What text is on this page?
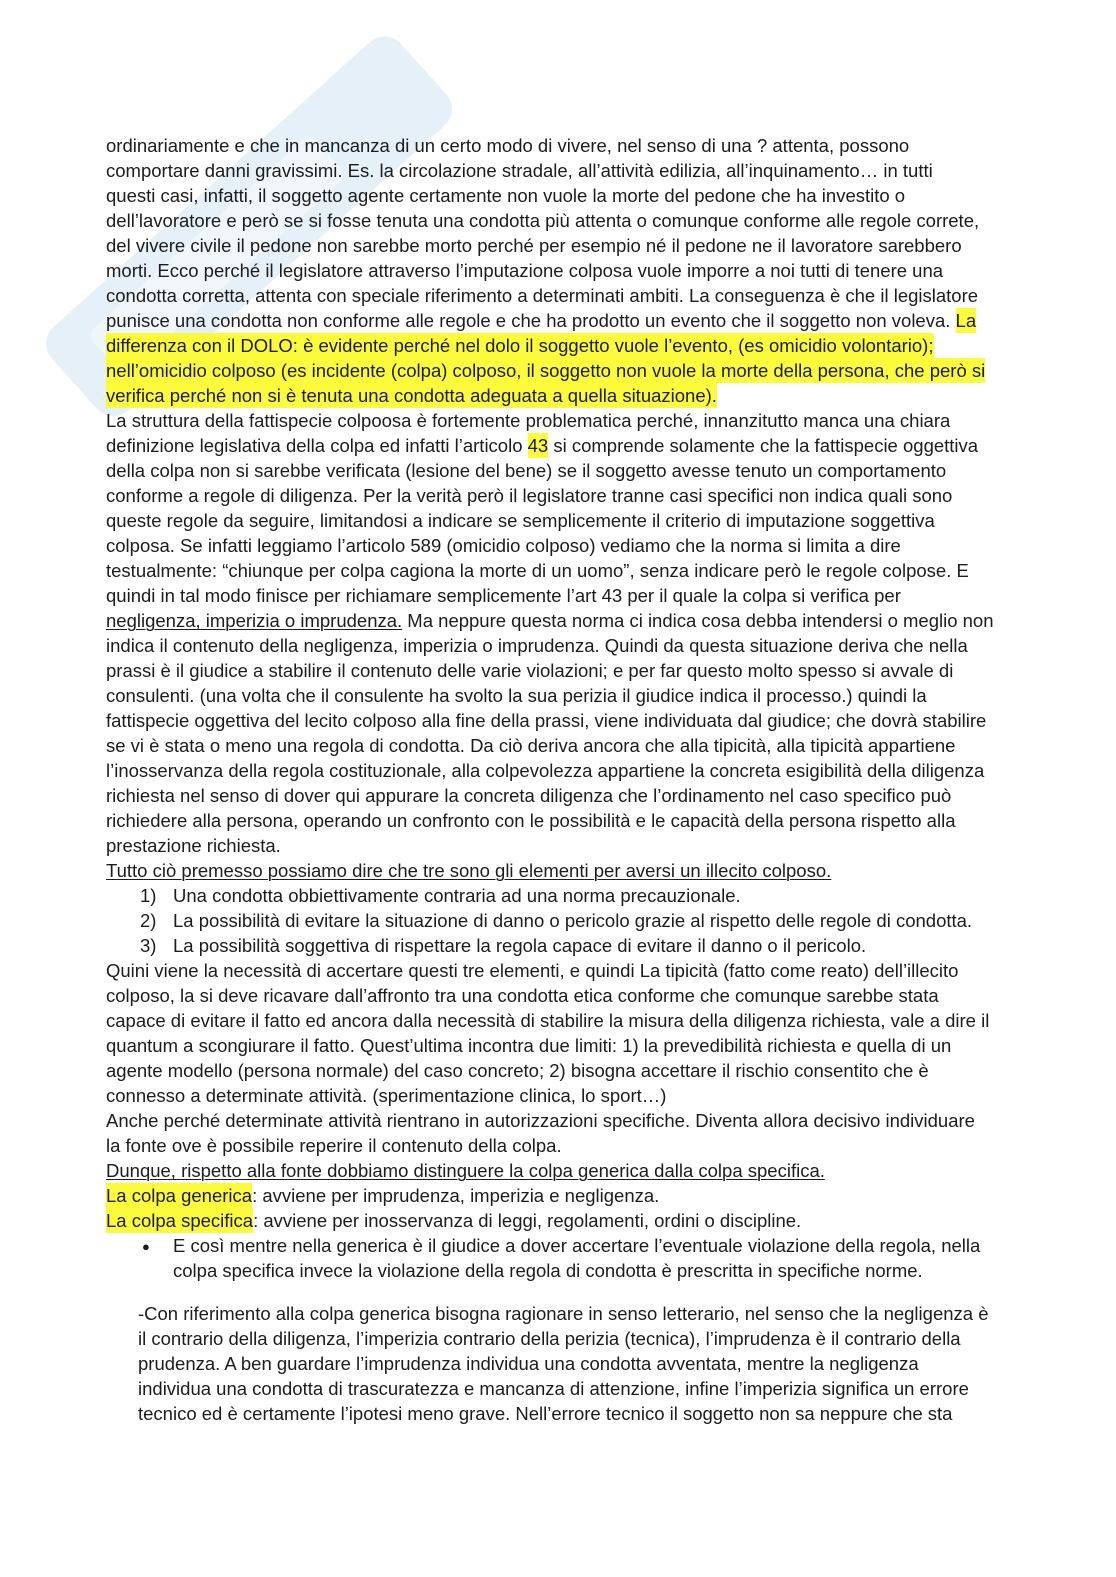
ordinariamente e che in mancanza di un certo modo di vivere, nel senso di una ? attenta, possono
comportare danni gravissimi. Es. la circolazione stradale, all’attività edilizia, all’inquinamento… in tutti
questi casi, infatti, il soggetto agente certamente non vuole la morte del pedone che ha investito o
dell’lavoratore e però se si fosse tenuta una condotta più attenta o comunque conforme alle regole correte,
del vivere civile il pedone non sarebbe morto perché per esempio né il pedone ne il lavoratore sarebbero
morti. Ecco perché il legislatore attraverso l’imputazione colposa vuole imporre a noi tutti di tenere una
condotta corretta, attenta con speciale riferimento a determinati ambiti. La conseguenza è che il legislatore
punisce una condotta non conforme alle regole e che ha prodotto un evento che il soggetto non voleva. La
differenza con il DOLO: è evidente perché nel dolo il soggetto vuole l’evento, (es omicidio volontario);
nell’omicidio colposo (es incidente (colpa) colposo, il soggetto non vuole la morte della persona, che però si
verifica perché non si è tenuta una condotta adeguata a quella situazione).
La struttura della fattispecie colpoosa è fortemente problematica perché, innanzitutto manca una chiara
definizione legislativa della colpa ed infatti l’articolo 43 si comprende solamente che la fattispecie oggettiva
della colpa non si sarebbe verificata (lesione del bene) se il soggetto avesse tenuto un comportamento
conforme a regole di diligenza. Per la verità però il legislatore tranne casi specifici non indica quali sono
queste regole da seguire, limitandosi a indicare se semplicemente il criterio di imputazione soggettiva
colposa. Se infatti leggiamo l’articolo 589 (omicidio colposo) vediamo che la norma si limita a dire
testualmente: “chiunque per colpa cagiona la morte di un uomo”, senza indicare però le regole colpose. E
quindi in tal modo finisce per richiamare semplicemente l’art 43 per il quale la colpa si verifica per
negligenza, imperizia o imprudenza. Ma neppure questa norma ci indica cosa debba intendersi o meglio non
indica il contenuto della negligenza, imperizia o imprudenza. Quindi da questa situazione deriva che nella
prassi è il giudice a stabilire il contenuto delle varie violazioni; e per far questo molto spesso si avvale di
consulenti. (una volta che il consulente ha svolto la sua perizia il giudice indica il processo.) quindi la
fattispecie oggettiva del lecito colposo alla fine della prassi, viene individuata dal giudice; che dovrà stabilire
se vi è stata o meno una regola di condotta. Da ciò deriva ancora che alla tipicità, alla tipicità appartiene
l’inosservanza della regola costituzionale, alla colpevolezza appartiene la concreta esigibilità della diligenza
richiesta nel senso di dover qui appurare la concreta diligenza che l’ordinamento nel caso specifico può
richiedere alla persona, operando un confronto con le possibilità e le capacità della persona rispetto alla
prestazione richiesta.
Tutto ciò premesso possiamo dire che tre sono gli elementi per aversi un illecito colposo.
1) Una condotta obbiettivamente contraria ad una norma precauzionale.
2) La possibilità di evitare la situazione di danno o pericolo grazie al rispetto delle regole di condotta.
3) La possibilità soggettiva di rispettare la regola capace di evitare il danno o il pericolo.
Quini viene la necessità di accertare questi tre elementi, e quindi La tipicità (fatto come reato) dell’illecito
colposo, la si deve ricavare dall’affronto tra una condotta etica conforme che comunque sarebbe stata
capace di evitare il fatto ed ancora dalla necessità di stabilire la misura della diligenza richiesta, vale a dire il
quantum a scongiurare il fatto. Quest’ultima incontra due limiti: 1) la prevedibilità richiesta e quella di un
agente modello (persona normale) del caso concreto; 2) bisogna accettare il rischio consentito che è
connesso a determinate attività. (sperimentazione clinica, lo sport…)
Anche perché determinate attività rientrano in autorizzazioni specifiche. Diventa allora decisivo individuare
la fonte ove è possibile reperire il contenuto della colpa.
Dunque, rispetto alla fonte dobbiamo distinguere la colpa generica dalla colpa specifica.
La colpa generica: avviene per imprudenza, imperizia e negligenza.
La colpa specifica: avviene per inosservanza di leggi, regolamenti, ordini o discipline.
● E così mentre nella generica è il giudice a dover accertare l’eventuale violazione della regola, nella
colpa specifica invece la violazione della regola di condotta è prescritta in specifiche norme.
-Con riferimento alla colpa generica bisogna ragionare in senso letterario, nel senso che la negligenza è
il contrario della diligenza, l’imperizia contrario della perizia (tecnica), l’imprudenza è il contrario della
prudenza. A ben guardare l’imprudenza individua una condotta avventata, mentre la negligenza
individua una condotta di trascuratezza e mancanza di attenzione, infine l’imperizia significa un errore
tecnico ed è certamente l’ipotesi meno grave. Nell’errore tecnico il soggetto non sa neppure che sta
